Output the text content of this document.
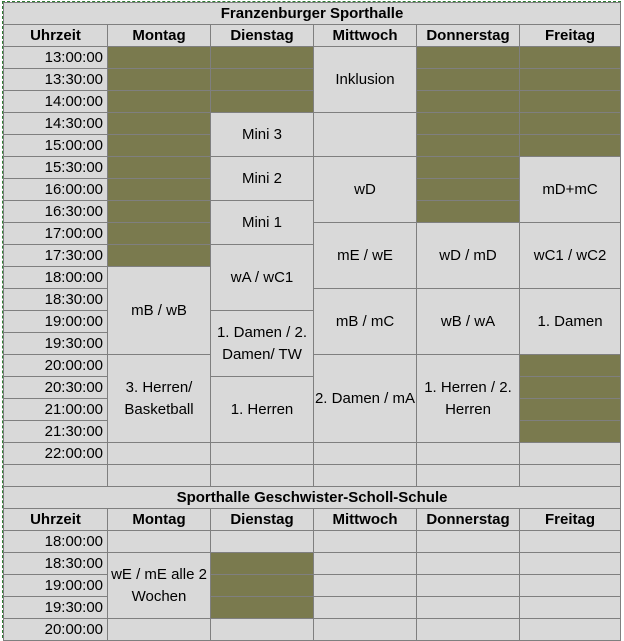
Franzenburger Sporthalle					
Uhrzeit	Montag	Dienstag	Mittwoch	Donnerstag	Freitag
13:00:00			Inklusion		
13:30:00					
14:00:00					
14:30:00		Mini 3			
15:00:00					
15:30:00		Mini 2	wD		mD+mC
16:00:00					
16:30:00		Mini 1			
17:00:00			mE / wE	wD / mD	wC1 / wC2
17:30:00		wA / wC1			
18:00:00	mB / wB				
18:30:00			mB / mC	wB / wA	1. Damen
19:00:00		1. Damen / 2. Damen/ TW			
19:30:00					
20:00:00	3. Herren/ Basketball		2. Damen / mA	1. Herren / 2. Herren	
20:30:00		1. Herren			
21:00:00					
21:30:00					
22:00:00					

Sporthalle Geschwister-Scholl-Schule					
Uhrzeit	Montag	Dienstag	Mittwoch	Donnerstag	Freitag
18:00:00					
18:30:00	wE / mE alle 2 Wochen				
19:00:00					
19:30:00					
20:00:00					
